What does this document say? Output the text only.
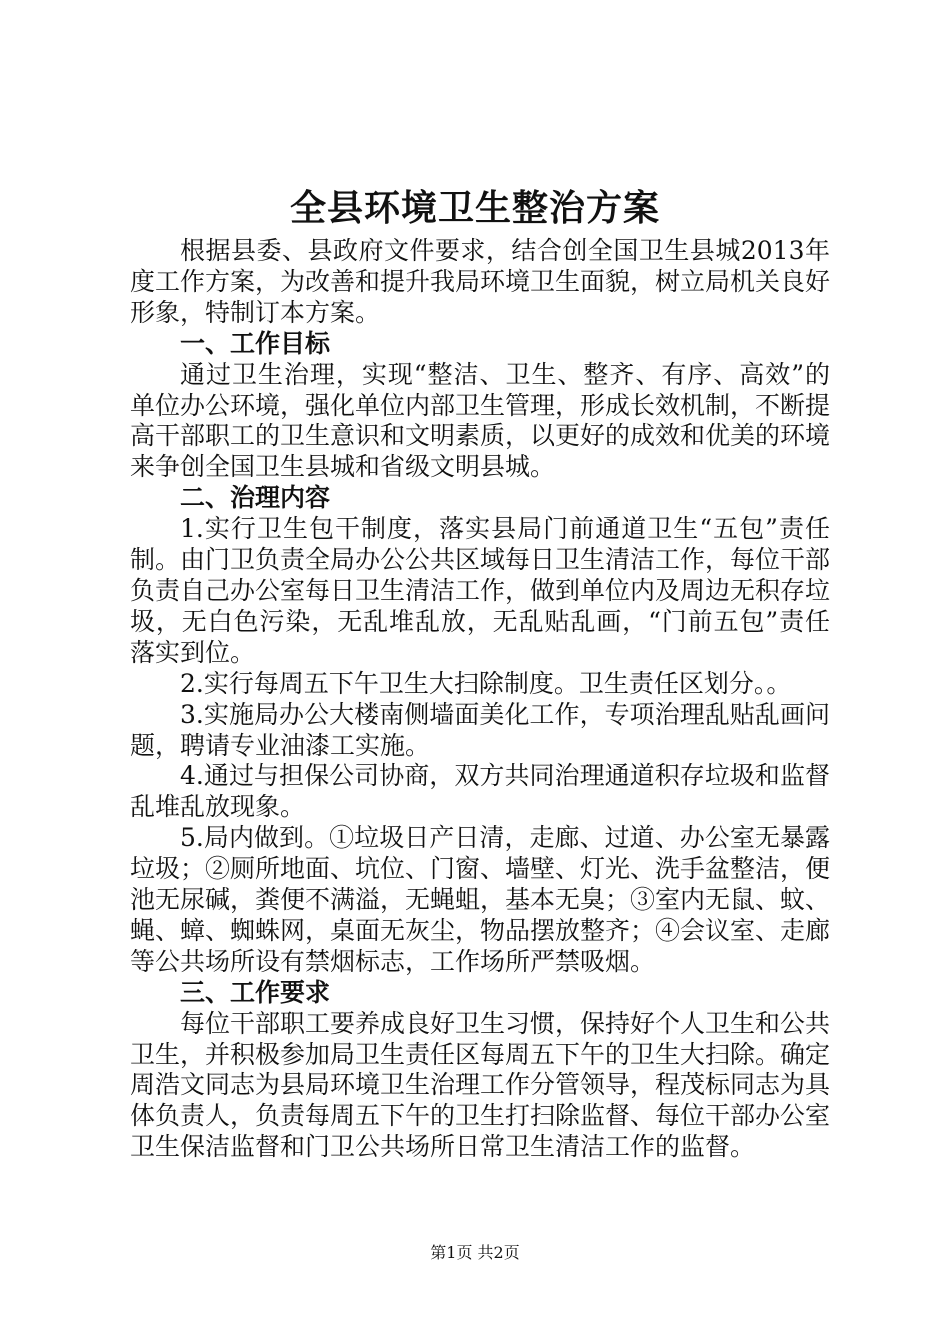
全县环境卫生整治方案

根据县委、县政府文件要求，结合创全国卫生县城2013年度工作方案，为改善和提升我局环境卫生面貌，树立局机关良好形象，特制订本方案。

一、工作目标

通过卫生治理，实现“整洁、卫生、整齐、有序、高效”的单位办公环境，强化单位内部卫生管理，形成长效机制，不断提高干部职工的卫生意识和文明素质，以更好的成效和优美的环境来争创全国卫生县城和省级文明县城。

二、治理内容

1.实行卫生包干制度，落实县局门前通道卫生“五包”责任制。由门卫负责全局办公公共区域每日卫生清洁工作，每位干部负责自己办公室每日卫生清洁工作，做到单位内及周边无积存垃圾，无白色污染，无乱堆乱放，无乱贴乱画，“门前五包”责任落实到位。

2.实行每周五下午卫生大扫除制度。卫生责任区划分。。

3.实施局办公大楼南侧墙面美化工作，专项治理乱贴乱画问题，聘请专业油漆工实施。

4.通过与担保公司协商，双方共同治理通道积存垃圾和监督乱堆乱放现象。

5.局内做到。①垃圾日产日清，走廊、过道、办公室无暴露垃圾；②厕所地面、坑位、门窗、墙壁、灯光、洗手盆整洁，便池无尿碱，粪便不满溢，无蝇蛆，基本无臭；③室内无鼠、蚊、蝇、蟑、蜘蛛网，桌面无灰尘，物品摆放整齐；④会议室、走廊等公共场所设有禁烟标志，工作场所严禁吸烟。

三、工作要求

每位干部职工要养成良好卫生习惯，保持好个人卫生和公共卫生，并积极参加局卫生责任区每周五下午的卫生大扫除。确定周浩文同志为县局环境卫生治理工作分管领导，程茂标同志为具体负责人，负责每周五下午的卫生打扫除监督、每位干部办公室卫生保洁监督和门卫公共场所日常卫生清洁工作的监督。

第1页 共2页
